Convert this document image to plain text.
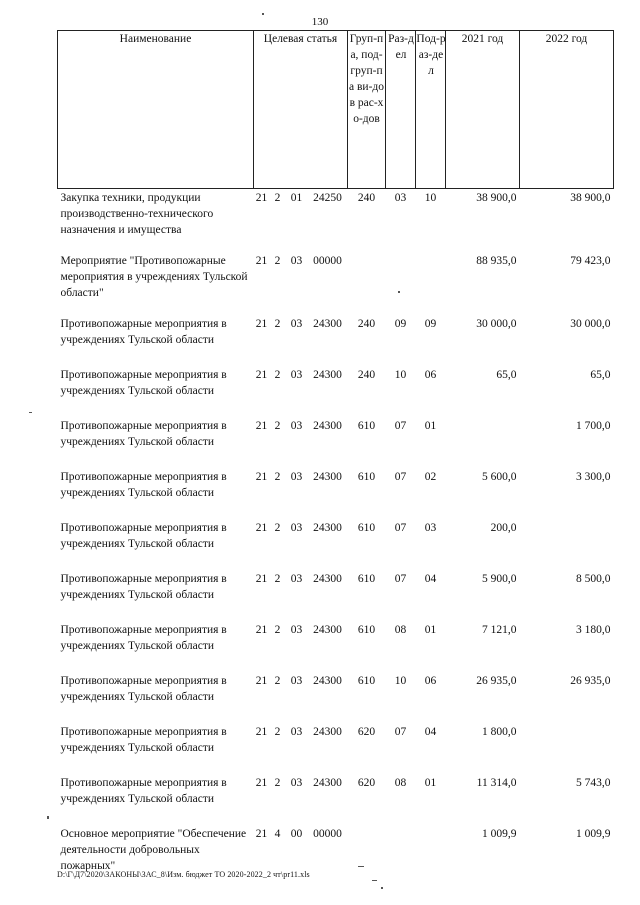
130
Наименование	Целевая статья				Груп-па, под-груп-па ви-дов рас-хо-дов	Раз-дел	Под-раз-дел	2021 год	2022 год
Закупка техники, продукции производственно-технического назначения и имущества	21	2	01	24250	240	03	10	38 900,0	38 900,0
Мероприятие "Противопожарные мероприятия в учреждениях Тульской области"	21	2	03	00000				88 935,0	79 423,0
Противопожарные мероприятия в учреждениях Тульской области	21	2	03	24300	240	09	09	30 000,0	30 000,0
Противопожарные мероприятия в учреждениях Тульской области	21	2	03	24300	240	10	06	65,0	65,0
Противопожарные мероприятия в учреждениях Тульской области	21	2	03	24300	610	07	01		1 700,0
Противопожарные мероприятия в учреждениях Тульской области	21	2	03	24300	610	07	02	5 600,0	3 300,0
Противопожарные мероприятия в учреждениях Тульской области	21	2	03	24300	610	07	03	200,0	
Противопожарные мероприятия в учреждениях Тульской области	21	2	03	24300	610	07	04	5 900,0	8 500,0
Противопожарные мероприятия в учреждениях Тульской области	21	2	03	24300	610	08	01	7 121,0	3 180,0
Противопожарные мероприятия в учреждениях Тульской области	21	2	03	24300	610	10	06	26 935,0	26 935,0
Противопожарные мероприятия в учреждениях Тульской области	21	2	03	24300	620	07	04	1 800,0	
Противопожарные мероприятия в учреждениях Тульской области	21	2	03	24300	620	08	01	11 314,0	5 743,0
Основное мероприятие "Обеспечение деятельности добровольных пожарных"	21	4	00	00000				1 009,9	1 009,9
D:\Г\Д7\2020\ЗАКОНЫ\ЗАС_8\Изм. бюджет ТО 2020-2022_2 чт\pr11.xls
